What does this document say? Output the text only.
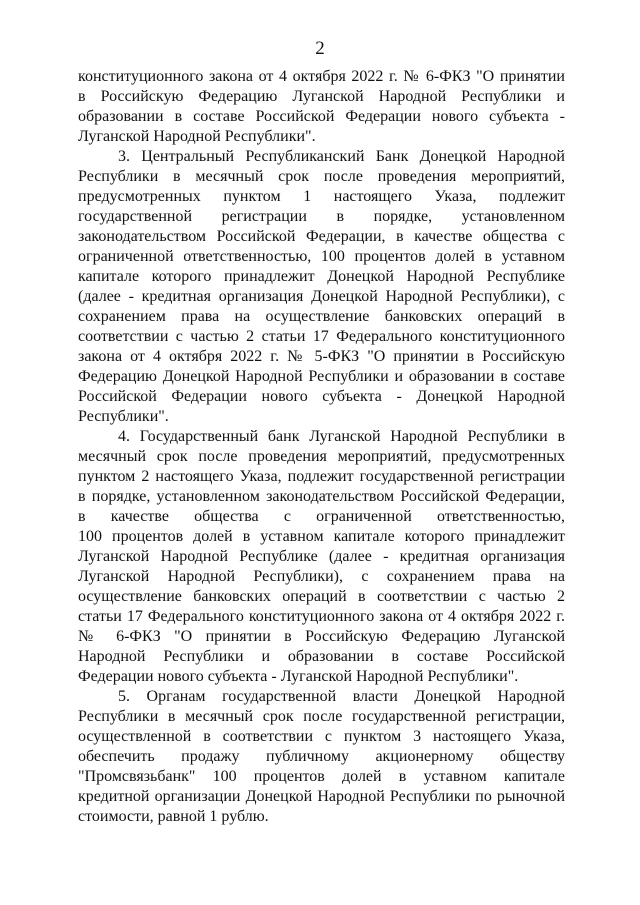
2
конституционного закона от 4 октября 2022 г. № 6-ФКЗ "О принятии
в Российскую Федерацию Луганской Народной Республики и
образовании в составе Российской Федерации нового субъекта -
Луганской Народной Республики".
3. Центральный Республиканский Банк Донецкой Народной
Республики в месячный срок после проведения мероприятий,
предусмотренных пунктом 1 настоящего Указа, подлежит
государственной регистрации в порядке, установленном
законодательством Российской Федерации, в качестве общества с
ограниченной ответственностью, 100 процентов долей в уставном
капитале которого принадлежит Донецкой Народной Республике
(далее - кредитная организация Донецкой Народной Республики), с
сохранением права на осуществление банковских операций в
соответствии с частью 2 статьи 17 Федерального конституционного
закона от 4 октября 2022 г. № 5-ФКЗ "О принятии в Российскую
Федерацию Донецкой Народной Республики и образовании в составе
Российской Федерации нового субъекта - Донецкой Народной
Республики".
4. Государственный банк Луганской Народной Республики в
месячный срок после проведения мероприятий, предусмотренных
пунктом 2 настоящего Указа, подлежит государственной регистрации
в порядке, установленном законодательством Российской Федерации,
в качестве общества с ограниченной ответственностью,
100 процентов долей в уставном капитале которого принадлежит
Луганской Народной Республике (далее - кредитная организация
Луганской Народной Республики), с сохранением права на
осуществление банковских операций в соответствии с частью 2
статьи 17 Федерального конституционного закона от 4 октября 2022 г.
№ 6-ФКЗ "О принятии в Российскую Федерацию Луганской
Народной Республики и образовании в составе Российской
Федерации нового субъекта - Луганской Народной Республики".
5. Органам государственной власти Донецкой Народной
Республики в месячный срок после государственной регистрации,
осуществленной в соответствии с пунктом 3 настоящего Указа,
обеспечить продажу публичному акционерному обществу
"Промсвязьбанк" 100 процентов долей в уставном капитале
кредитной организации Донецкой Народной Республики по рыночной
стоимости, равной 1 рублю.
